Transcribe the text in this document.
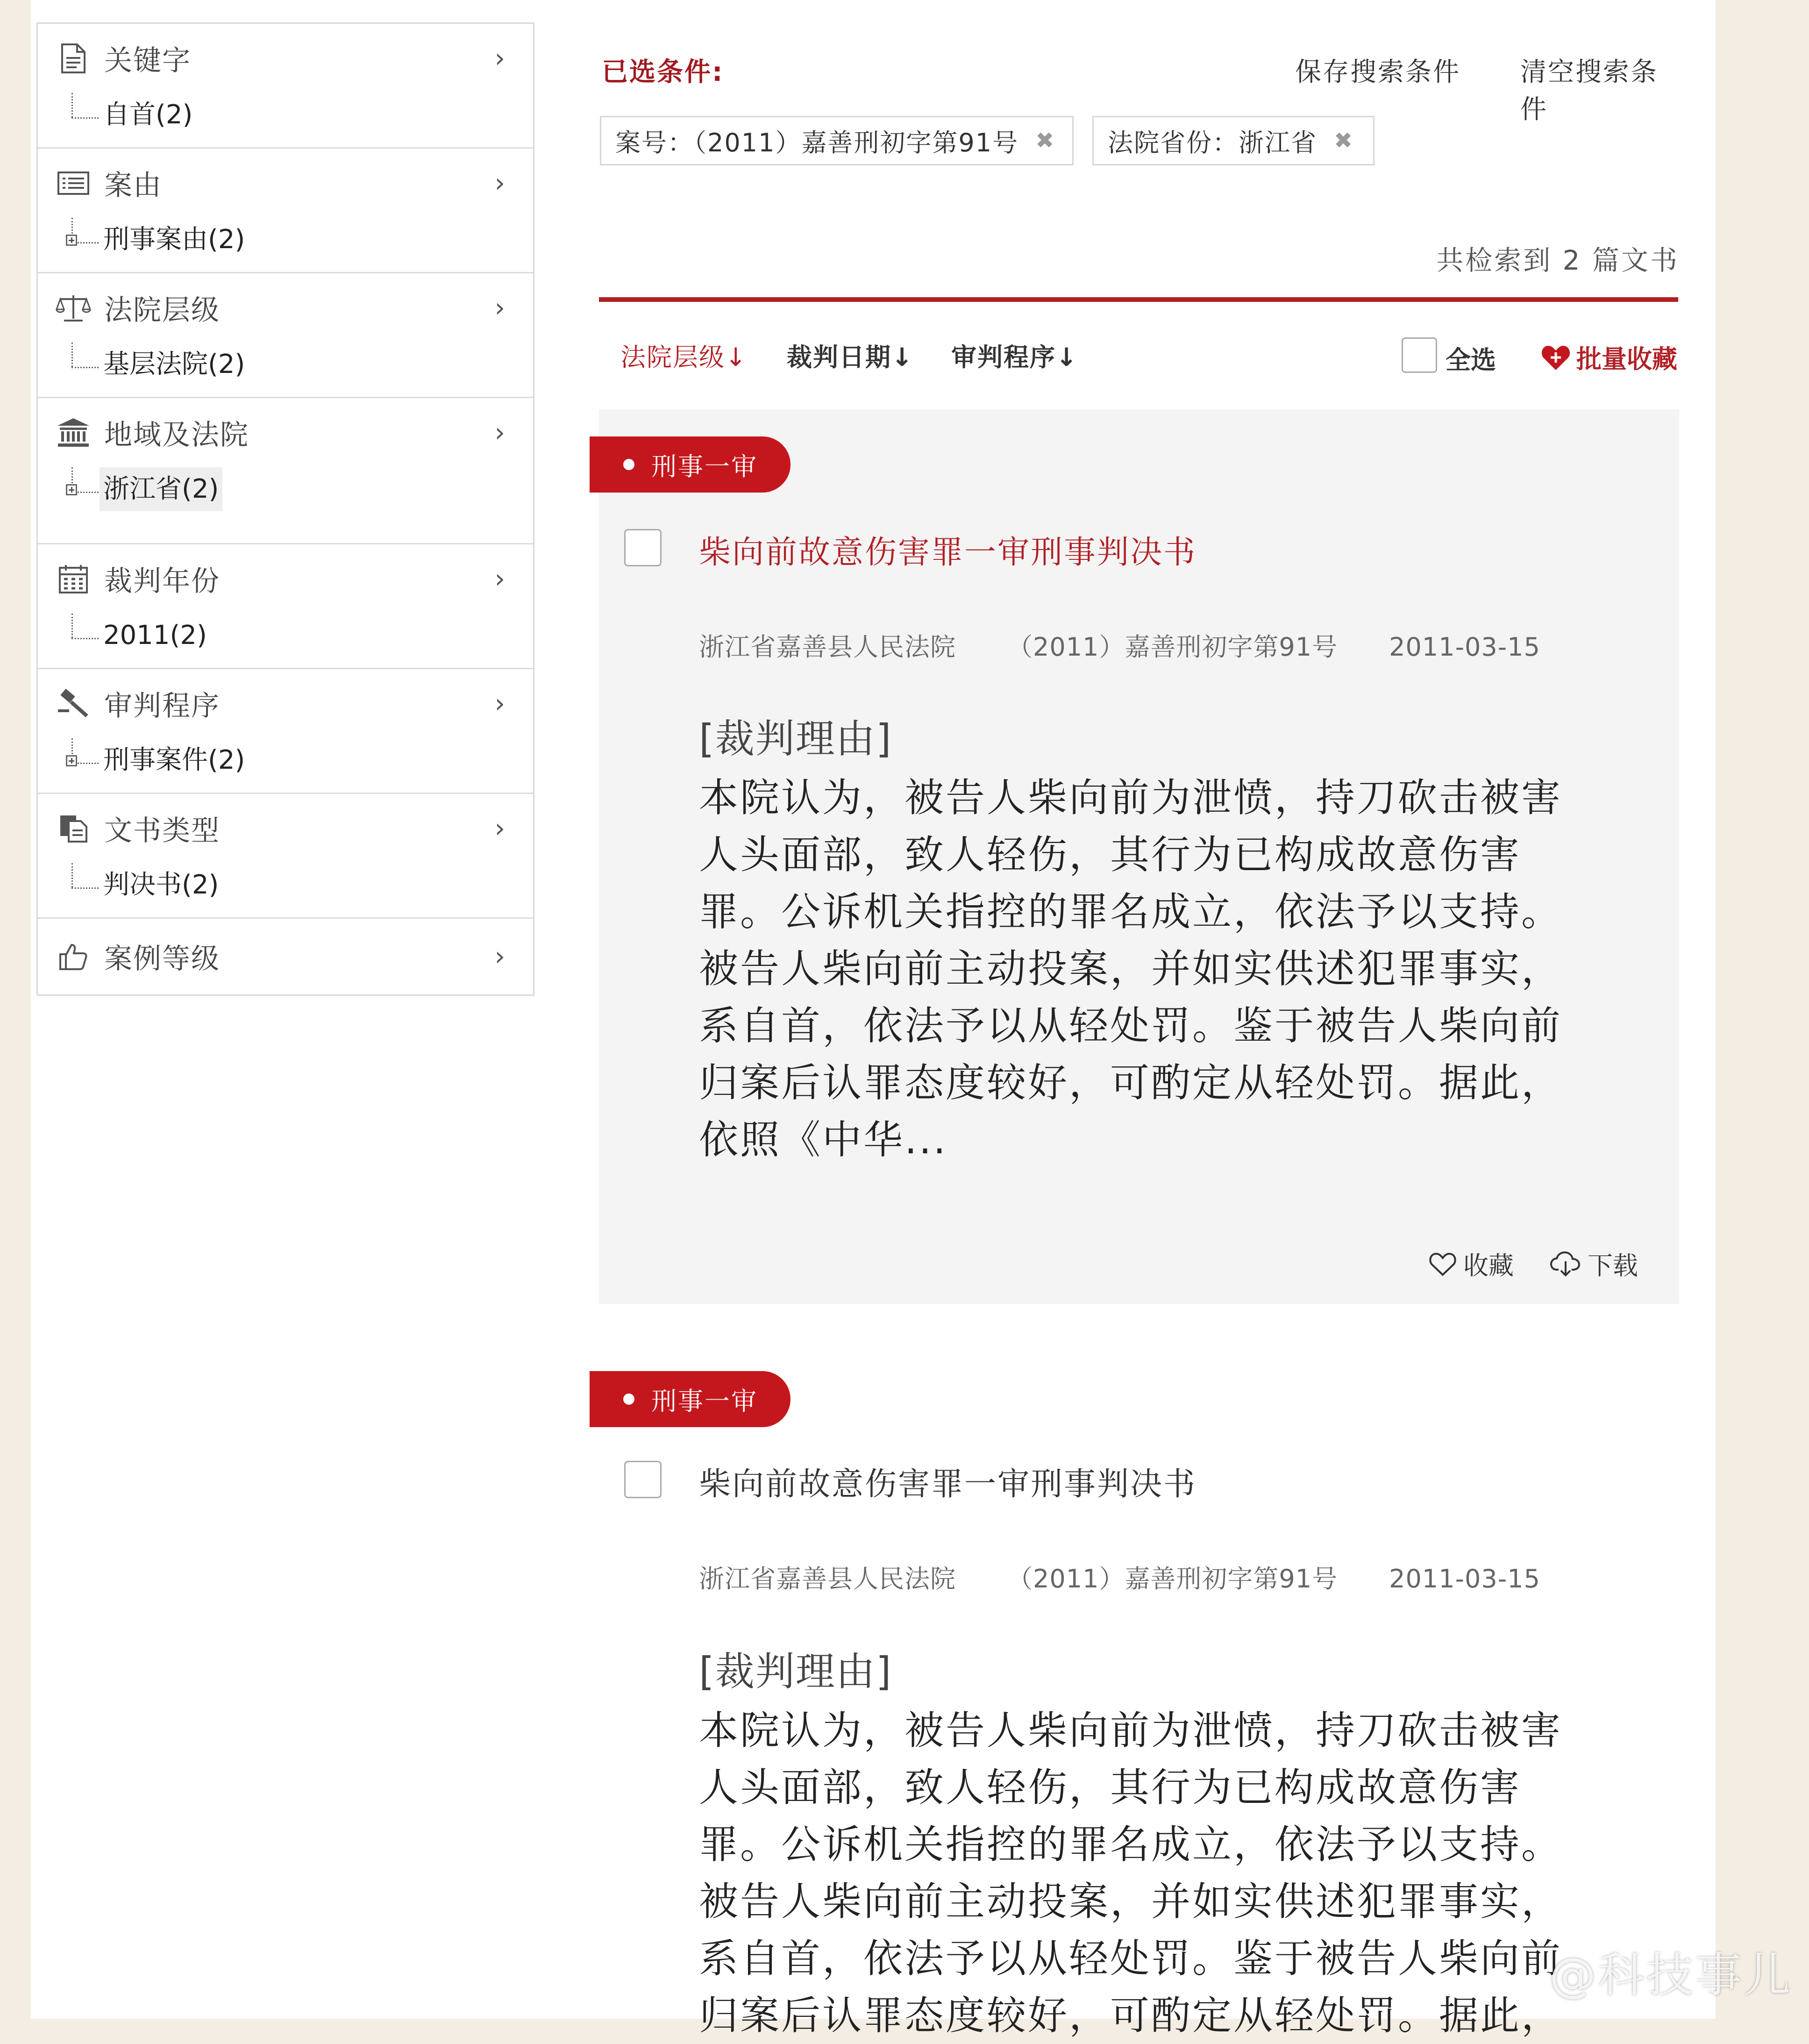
关键字	›
自首(2)
案由	›
刑事案由(2)
法院层级	›
基层法院(2)
地域及法院	›
浙江省(2)
裁判年份	›
2011(2)
审判程序	›
刑事案件(2)
文书类型	›
判决书(2)
案例等级	›
已选条件:	保存搜索条件 清空搜索条件
案号：（2011）嘉善刑初字第91号 ✖ 法院省份：浙江省 ✖
共检索到 2 篇文书
法院层级↓ 裁判日期↓ 审判程序↓	全选	批量收藏
刑事一审
柴向前故意伤害罪一审刑事判决书
浙江省嘉善县人民法院 （2011）嘉善刑初字第91号 2011-03-15
[裁判理由]
本院认为，被告人柴向前为泄愤，持刀砍击被害
人头面部，致人轻伤，其行为已构成故意伤害
罪。公诉机关指控的罪名成立，依法予以支持。
被告人柴向前主动投案，并如实供述犯罪事实，
系自首，依法予以从轻处罚。鉴于被告人柴向前
归案后认罪态度较好，可酌定从轻处罚。据此，
依照《中华...
收藏	下载
刑事一审
柴向前故意伤害罪一审刑事判决书
浙江省嘉善县人民法院 （2011）嘉善刑初字第91号 2011-03-15
[裁判理由]
本院认为，被告人柴向前为泄愤，持刀砍击被害
人头面部，致人轻伤，其行为已构成故意伤害
罪。公诉机关指控的罪名成立，依法予以支持。
被告人柴向前主动投案，并如实供述犯罪事实，
系自首，依法予以从轻处罚。鉴于被告人柴向前
归案后认罪态度较好，可酌定从轻处罚。据此，
@科技事儿
